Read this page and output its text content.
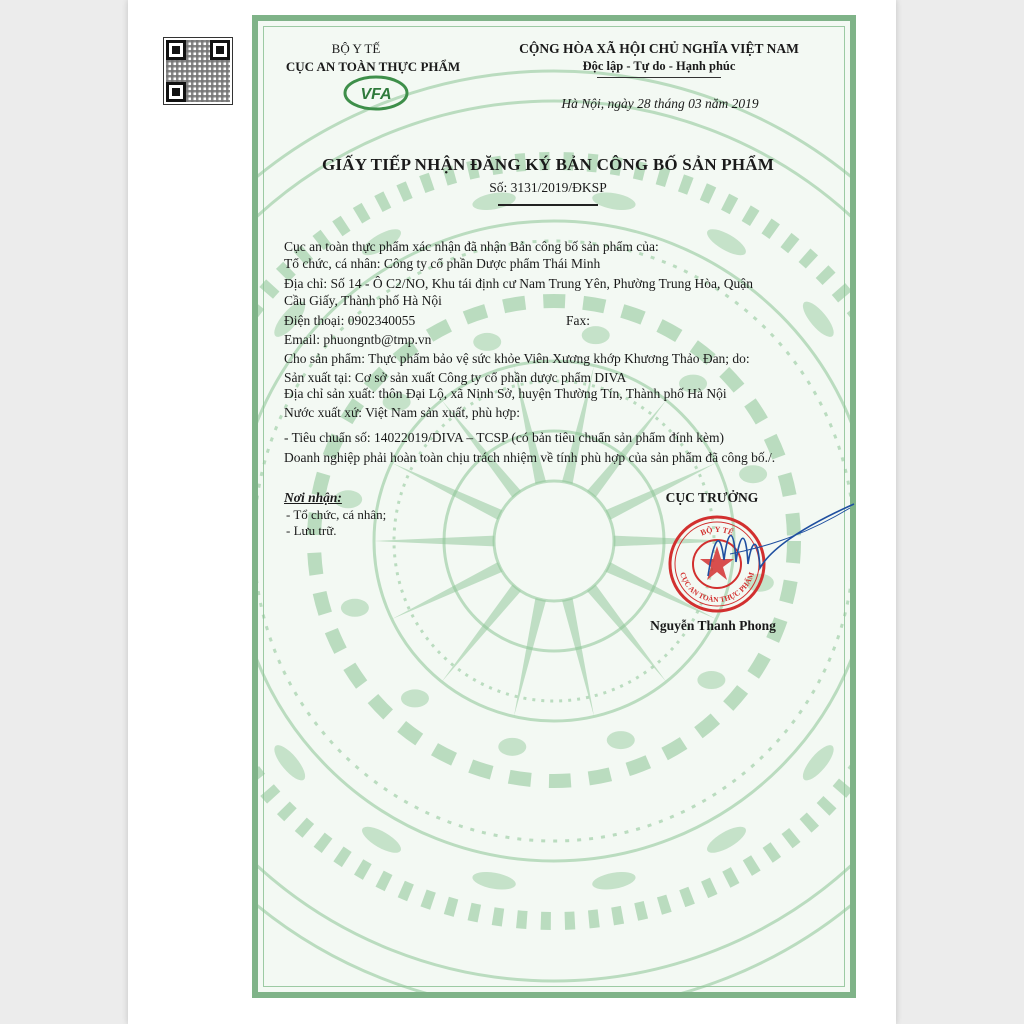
BỘ Y TẾ
CỤC AN TOÀN THỰC PHẨM
VFA
CỘNG HÒA XÃ HỘI CHỦ NGHĨA VIỆT NAM
Độc lập - Tự do - Hạnh phúc
Hà Nội, ngày 28 tháng 03 năm 2019
GIẤY TIẾP NHẬN ĐĂNG KÝ BẢN CÔNG BỐ SẢN PHẨM
Số: 3131/2019/ĐKSP
Cục an toàn thực phẩm xác nhận đã nhận Bản công bố sản phẩm của:
Tổ chức, cá nhân: Công ty cổ phần Dược phẩm Thái Minh
Địa chỉ: Số 14 - Ô C2/NO, Khu tái định cư Nam Trung Yên, Phường Trung Hòa, Quận
Cầu Giấy, Thành phố Hà Nội
Điện thoại: 0902340055	Fax:
Email: phuongntb@tmp.vn
Cho sản phẩm: Thực phẩm bảo vệ sức khỏe Viên Xương khớp Khương Thảo Đan; do:
Sản xuất tại: Cơ sở sản xuất Công ty cổ phần dược phẩm DIVA
Địa chỉ sản xuất: thôn Đại Lộ, xã Ninh Sở, huyện Thường Tín, Thành phố Hà Nội
Nước xuất xứ: Việt Nam sản xuất, phù hợp:
- Tiêu chuẩn số: 14022019/DIVA – TCSP (có bản tiêu chuẩn sản phẩm đính kèm)
Doanh nghiệp phải hoàn toàn chịu trách nhiệm về tính phù hợp của sản phẩm đã công bố./.
Nơi nhận:
- Tổ chức, cá nhân;
- Lưu trữ.
CỤC TRƯỞNG
BỘ Y TẾ
CỤC AN TOÀN THỰC PHẨM
Nguyễn Thanh Phong
